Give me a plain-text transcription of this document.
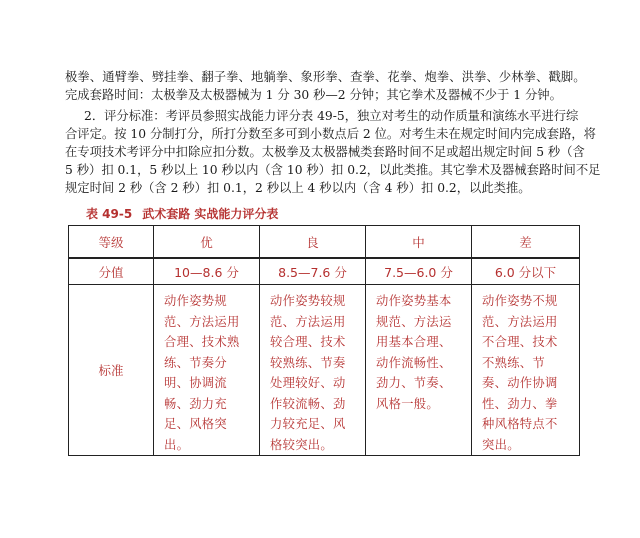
极拳、通臂拳、劈挂拳、翻子拳、地躺拳、象形拳、查拳、花拳、炮拳、洪拳、少林拳、戳脚。
完成套路时间：太极拳及太极器械为 1 分 30 秒—2 分钟；其它拳术及器械不少于 1 分钟。
2．评分标准：考评员参照实战能力评分表 49-5，独立对考生的动作质量和演练水平进行综
合评定。按 10 分制打分，所打分数至多可到小数点后 2 位。对考生未在规定时间内完成套路，将
在专项技术考评分中扣除应扣分数。太极拳及太极器械类套路时间不足或超出规定时间 5 秒（含
5 秒）扣 0.1，5 秒以上 10 秒以内（含 10 秒）扣 0.2，以此类推。其它拳术及器械套路时间不足
规定时间 2 秒（含 2 秒）扣 0.1，2 秒以上 4 秒以内（含 4 秒）扣 0.2，以此类推。
表 49-5 武术套路 实战能力评分表
等级	优	良	中	差
分值	10—8.6 分	8.5—7.6 分	7.5—6.0 分	6.0 分以下
标准	动作姿势规范、方法运用合理、技术熟练、节奏分明、协调流畅、劲力充足、风格突出。	动作姿势较规范、方法运用较合理、技术较熟练、节奏处理较好、动作较流畅、劲力较充足、风格较突出。	动作姿势基本规范、方法运用基本合理、动作流畅性、劲力、节奏、风格一般。	动作姿势不规范、方法运用不合理、技术不熟练、节奏、动作协调性、劲力、拳种风格特点不突出。
